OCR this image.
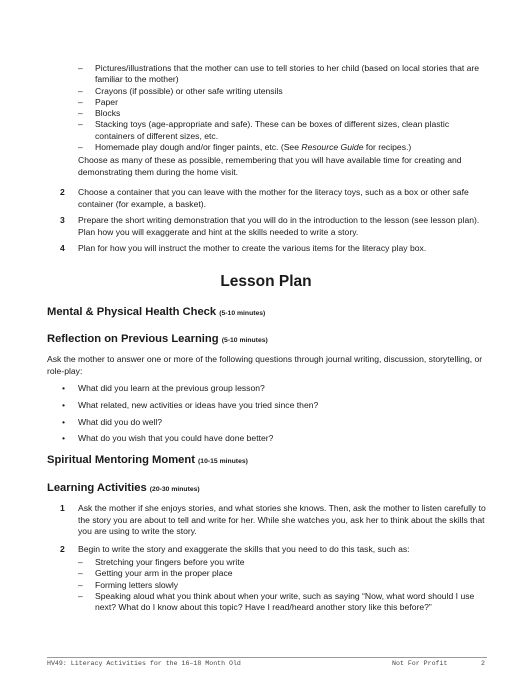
– Pictures/illustrations that the mother can use to tell stories to her child (based on local stories that are familiar to the mother)
– Crayons (if possible) or other safe writing utensils
– Paper
– Blocks
– Stacking toys (age-appropriate and safe). These can be boxes of different sizes, clean plastic containers of different sizes, etc.
– Homemade play dough and/or finger paints, etc. (See Resource Guide for recipes.)
Choose as many of these as possible, remembering that you will have available time for creating and demonstrating them during the home visit.
2 Choose a container that you can leave with the mother for the literacy toys, such as a box or other safe container (for example, a basket).
3 Prepare the short writing demonstration that you will do in the introduction to the lesson (see lesson plan). Plan how you will exaggerate and hint at the skills needed to write a story.
4 Plan for how you will instruct the mother to create the various items for the literacy play box.
Lesson Plan
Mental & Physical Health Check (5-10 minutes)
Reflection on Previous Learning (5-10 minutes)
Ask the mother to answer one or more of the following questions through journal writing, discussion, storytelling, or role-play:
• What did you learn at the previous group lesson?
• What related, new activities or ideas have you tried since then?
• What did you do well?
• What do you wish that you could have done better?
Spiritual Mentoring Moment (10-15 minutes)
Learning Activities (20-30 minutes)
1 Ask the mother if she enjoys stories, and what stories she knows. Then, ask the mother to listen carefully to the story you are about to tell and write for her. While she watches you, ask her to think about the skills that you are using to write the story.
2 Begin to write the story and exaggerate the skills that you need to do this task, such as:
– Stretching your fingers before you write
– Getting your arm in the proper place
– Forming letters slowly
– Speaking aloud what you think about when your write, such as saying “Now, what word should I use next? What do I know about this topic? Have I read/heard another story like this before?”
HV49: Literacy Activities for the 16–18 Month Old	Not For Profit	2
